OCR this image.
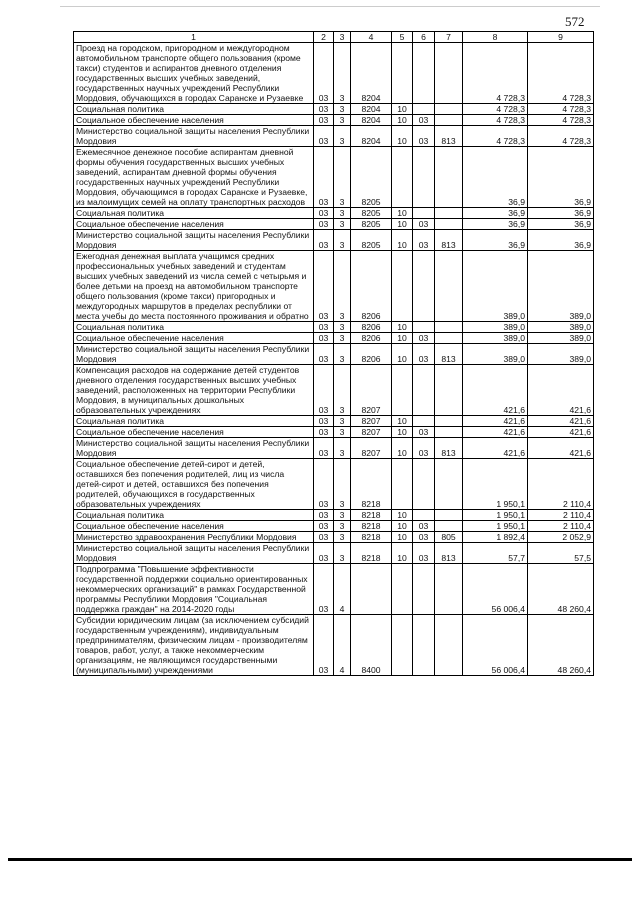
572
1	2	3	4	5	6	7	8	9
Проезд на городском, пригородном и междугородном автомобильном транспорте общего пользования (кроме такси) студентов и аспирантов дневного отделения государственных высших учебных заведений, государственных научных учреждений Республики Мордовия, обучающихся в городах Саранске и Рузаевке	03	3	8204				4 728,3	4 728,3
Социальная политика	03	3	8204	10			4 728,3	4 728,3
Социальное обеспечение населения	03	3	8204	10	03		4 728,3	4 728,3
Министерство социальной защиты населения Республики Мордовия	03	3	8204	10	03	813	4 728,3	4 728,3
Ежемесячное денежное пособие аспирантам дневной формы обучения государственных высших учебных заведений, аспирантам дневной формы обучения государственных научных учреждений Республики Мордовия, обучающимся в городах Саранске и Рузаевке, из малоимущих семей на оплату транспортных расходов	03	3	8205				36,9	36,9
Социальная политика	03	3	8205	10			36,9	36,9
Социальное обеспечение населения	03	3	8205	10	03		36,9	36,9
Министерство социальной защиты населения Республики Мордовия	03	3	8205	10	03	813	36,9	36,9
Ежегодная денежная выплата учащимся средних профессиональных учебных заведений и студентам высших учебных заведений из числа семей с четырьмя и более детьми на проезд на автомобильном транспорте общего пользования (кроме такси) пригородных и междугородных маршрутов в пределах республики от места учебы до места постоянного проживания и обратно	03	3	8206				389,0	389,0
Социальная политика	03	3	8206	10			389,0	389,0
Социальное обеспечение населения	03	3	8206	10	03		389,0	389,0
Министерство социальной защиты населения Республики Мордовия	03	3	8206	10	03	813	389,0	389,0
Компенсация расходов на содержание детей студентов дневного отделения государственных высших учебных заведений, расположенных на территории Республики Мордовия, в муниципальных дошкольных образовательных учреждениях	03	3	8207				421,6	421,6
Социальная политика	03	3	8207	10			421,6	421,6
Социальное обеспечение населения	03	3	8207	10	03		421,6	421,6
Министерство социальной защиты населения Республики Мордовия	03	3	8207	10	03	813	421,6	421,6
Социальное обеспечение детей-сирот и детей, оставшихся без попечения родителей, лиц из числа детей-сирот и детей, оставшихся без попечения родителей, обучающихся в государственных образовательных учреждениях	03	3	8218				1 950,1	2 110,4
Социальная политика	03	3	8218	10			1 950,1	2 110,4
Социальное обеспечение населения	03	3	8218	10	03		1 950,1	2 110,4
Министерство здравоохранения Республики Мордовия	03	3	8218	10	03	805	1 892,4	2 052,9
Министерство социальной защиты населения Республики Мордовия	03	3	8218	10	03	813	57,7	57,5
Подпрограмма "Повышение эффективности государственной поддержки социально ориентированных некоммерческих организаций" в рамках Государственной программы Республики Мордовия "Социальная поддержка граждан" на 2014-2020 годы	03	4					56 006,4	48 260,4
Субсидии юридическим лицам (за исключением субсидий государственным учреждениям), индивидуальным предпринимателям, физическим лицам - производителям товаров, работ, услуг, а также некоммерческим организациям, не являющимся государственными (муниципальными) учреждениями	03	4	8400				56 006,4	48 260,4
